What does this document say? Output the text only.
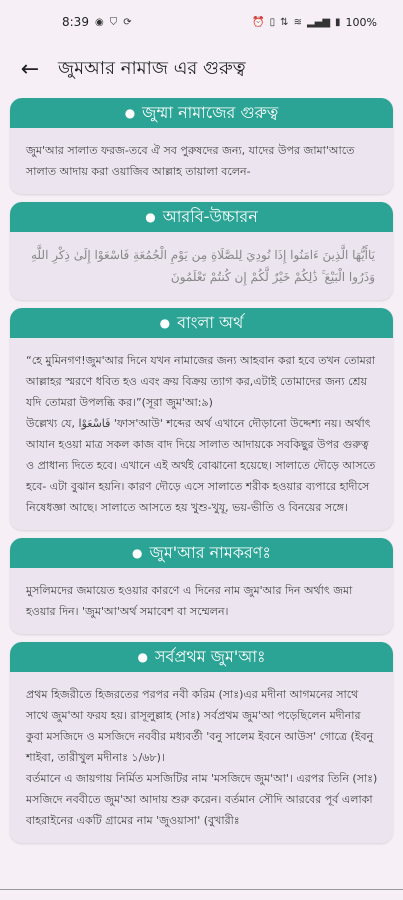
8:39 ◉ ⛉ ⟳	⏰ ▯ ⇅ ≋ ▂▄▆ ▮ 100%
← জুমআর নামাজ এর গুরুত্ব
● জুম্মা নামাজের গুরুত্ব

জুম'আর সালাত ফরজ-তবে ঐ সব পুরুষদের জন্য, যাদের উপর জামা'আতে সালাত আদায় করা ওয়াজিব আল্লাহ তায়ালা বলেন-

● আরবি-উচ্চারন

يَاأَيُّهَا الَّذِينَ ءَامَنُوا إِذَا نُودِيَ لِلصَّلَاةِ مِن يَوْمِ الْجُمُعَةِ فَاسْعَوْا إِلَىٰ ذِكْرِ اللَّهِ وَذَرُوا الْبَيْعَ ۚ ذَٰلِكُمْ خَيْرٌ لَّكُمْ إِن كُنتُمْ تَعْلَمُونَ

● বাংলা অর্থ

“হে মুমিনগণ!জুম'আর দিনে যখন নামাজের জন্য আহবান করা হবে তখন তোমরা আল্লাহর স্মরণে ধবিত হও এবং ক্রয় বিক্রয় ত্যাগ কর,এটাই তোমাদের জন্য শ্রেয় যদি তোমরা উপলব্ধি কর।”(সূরা জুম'আ:৯)

উল্লেখ্য যে, فَاسْعَوْا 'ফাস'আউ' শব্দের অর্থ এখানে দৌড়ানো উদ্দেশ্য নয়। অর্থাৎ আযান হওয়া মাত্র সকল কাজ বাদ দিয়ে সালাত আদায়কে সবকিছুর উপর গুরুত্ব ও প্রাধান্য দিতে হবে। এখানে এই অর্থই বোঝানো হয়েছে। সালাতে দৌড়ে আসতে হবে- এটা বুঝান হয়নি। কারণ দৌড়ে এসে সালাতে শরীক হওয়ার ব্যপারে হাদীসে নিষেধজ্ঞা আছে। সালাতে আসতে হয় খুশু-খুযূ, ভয়-ভীতি ও বিনয়ের সঙ্গে।

● জুম'আর নামকরণঃ

মুসলিমদের জমায়েত হওয়ার কারণে এ দিনের নাম জুম'আর দিন অর্থাৎ জমা হওয়ার দিন। 'জুম'আ'অর্থ সমাবেশ বা সম্মেলন।

● সর্বপ্রথম জুম'আঃ

প্রথম হিজরীতে হিজরতের পরপর নবী করিম (সাঃ)এর মদীনা আগমনের সাথে সাথে জুম'আ ফরয হয়। রাসূলুল্লাহ (সাঃ) সর্বপ্রথম জুম'আ পড়েছিলেন মদীনার কুবা মসজিদে ও মসজিদে নববীর মধ্যবর্তী 'বনু সালেম ইবনে আউস' গোত্রে (ইবনু শাইবা, তারীখুল মদীনাঃ ১/৬৮)।

বর্তমানে এ জায়গায় নির্মিত মসজিটির নাম 'মসজিদে জুম'আ'। এরপর তিনি (সাঃ) মসজিদে নববীতে জুম'আ আদায় শুরু করেন। বর্তমান সৌদি আরবের পূর্ব এলাকা বাহরাইনের একটি গ্রামের নাম 'জুওয়াসা' (বুখারীঃ
